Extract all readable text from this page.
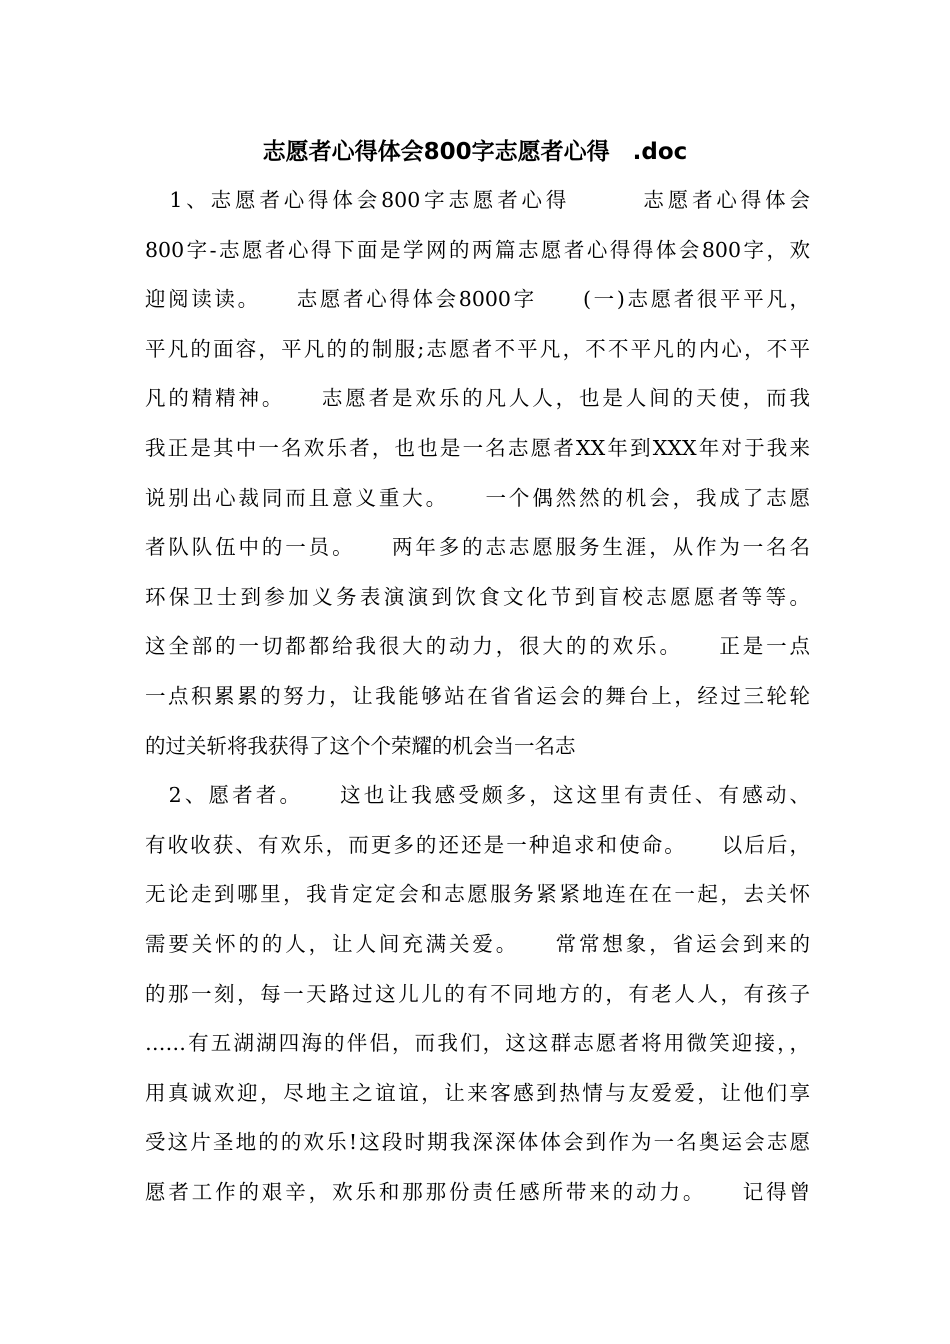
志愿者心得体会800字志愿者心得　.doc
　1、志愿者心得体会800字志愿者心得　　　志愿者心得体会
800字-志愿者心得下面是学网的两篇志愿者心得得体会800字，欢
迎阅读读。　　志愿者心得体会8000字　　(一)志愿者很平平凡，
平凡的面容，平凡的的制服;志愿者不平凡，不不平凡的内心，不平
凡的精精神。　　志愿者是欢乐的凡人人，也是人间的天使，而我
我正是其中一名欢乐者，也也是一名志愿者XX年到XXX年对于我来
说别出心裁同而且意义重大。　　一个偶然然的机会，我成了志愿
者队队伍中的一员。　　两年多的志志愿服务生涯，从作为一名名
环保卫士到参加义务表演演到饮食文化节到盲校志愿愿者等等。
这全部的一切都都给我很大的动力，很大的的欢乐。　　正是一点
一点积累累的努力，让我能够站在省省运会的舞台上，经过三轮轮
的过关斩将我获得了这个个荣耀的机会当一名志
　2、愿者者。　　这也让我感受颇多，这这里有责任、有感动、
有收收获、有欢乐，而更多的还还是一种追求和使命。　　以后后，
无论走到哪里，我肯定定会和志愿服务紧紧地连在在一起，去关怀
需要关怀的的人，让人间充满关爱。　　常常想象，省运会到来的
的那一刻，每一天路过这儿儿的有不同地方的，有老人人，有孩子
……有五湖湖四海的伴侣，而我们，这这群志愿者将用微笑迎接，，
用真诚欢迎，尽地主之谊谊，让来客感到热情与友爱爱，让他们享
受这片圣地的的欢乐!这段时期我深深体体会到作为一名奥运会志愿
愿者工作的艰辛，欢乐和那那份责任感所带来的动力。　　记得曾
